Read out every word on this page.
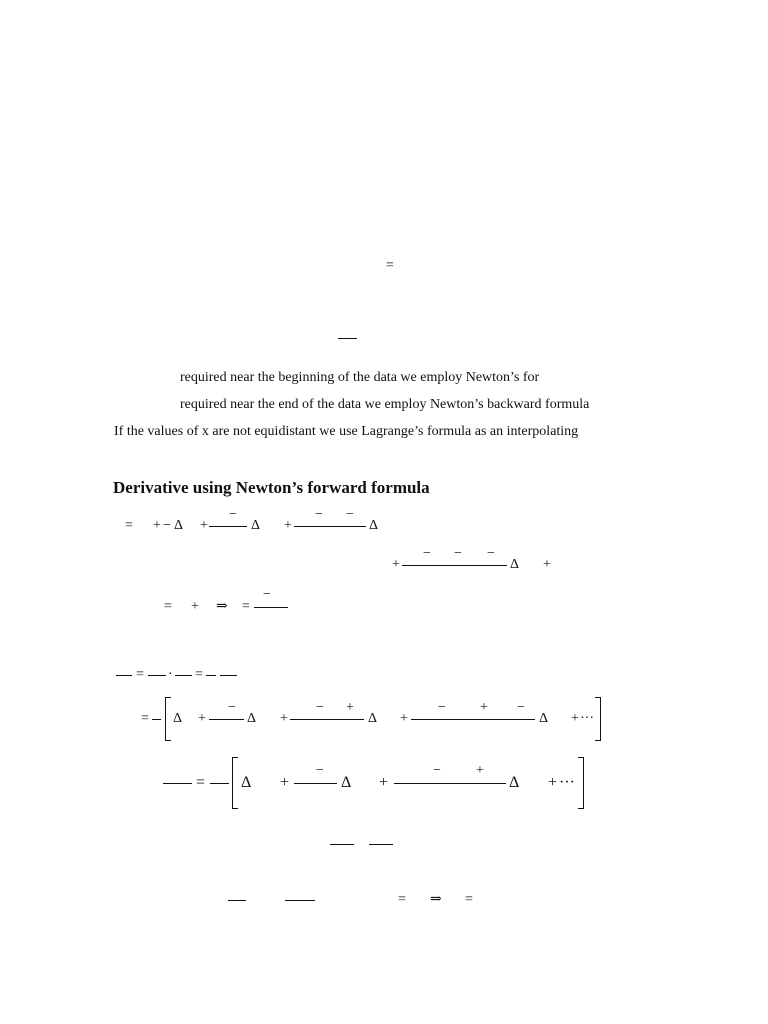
=
required near the beginning of the data we employ Newton’s for
required near the end of the data we employ Newton’s backward formula
If the values of x are not equidistant we use Lagrange’s formula as an interpolating
Derivative using Newton’s forward formula
= + − Δ +
−
Δ +
− −
Δ
+
− − −
Δ +
= + ⇒ =
−
= · =
= Δ +
−
Δ +
− +
Δ +
− + −
Δ + ···
= Δ +
−
Δ +
−	+
Δ + ···
= ⇒ =
